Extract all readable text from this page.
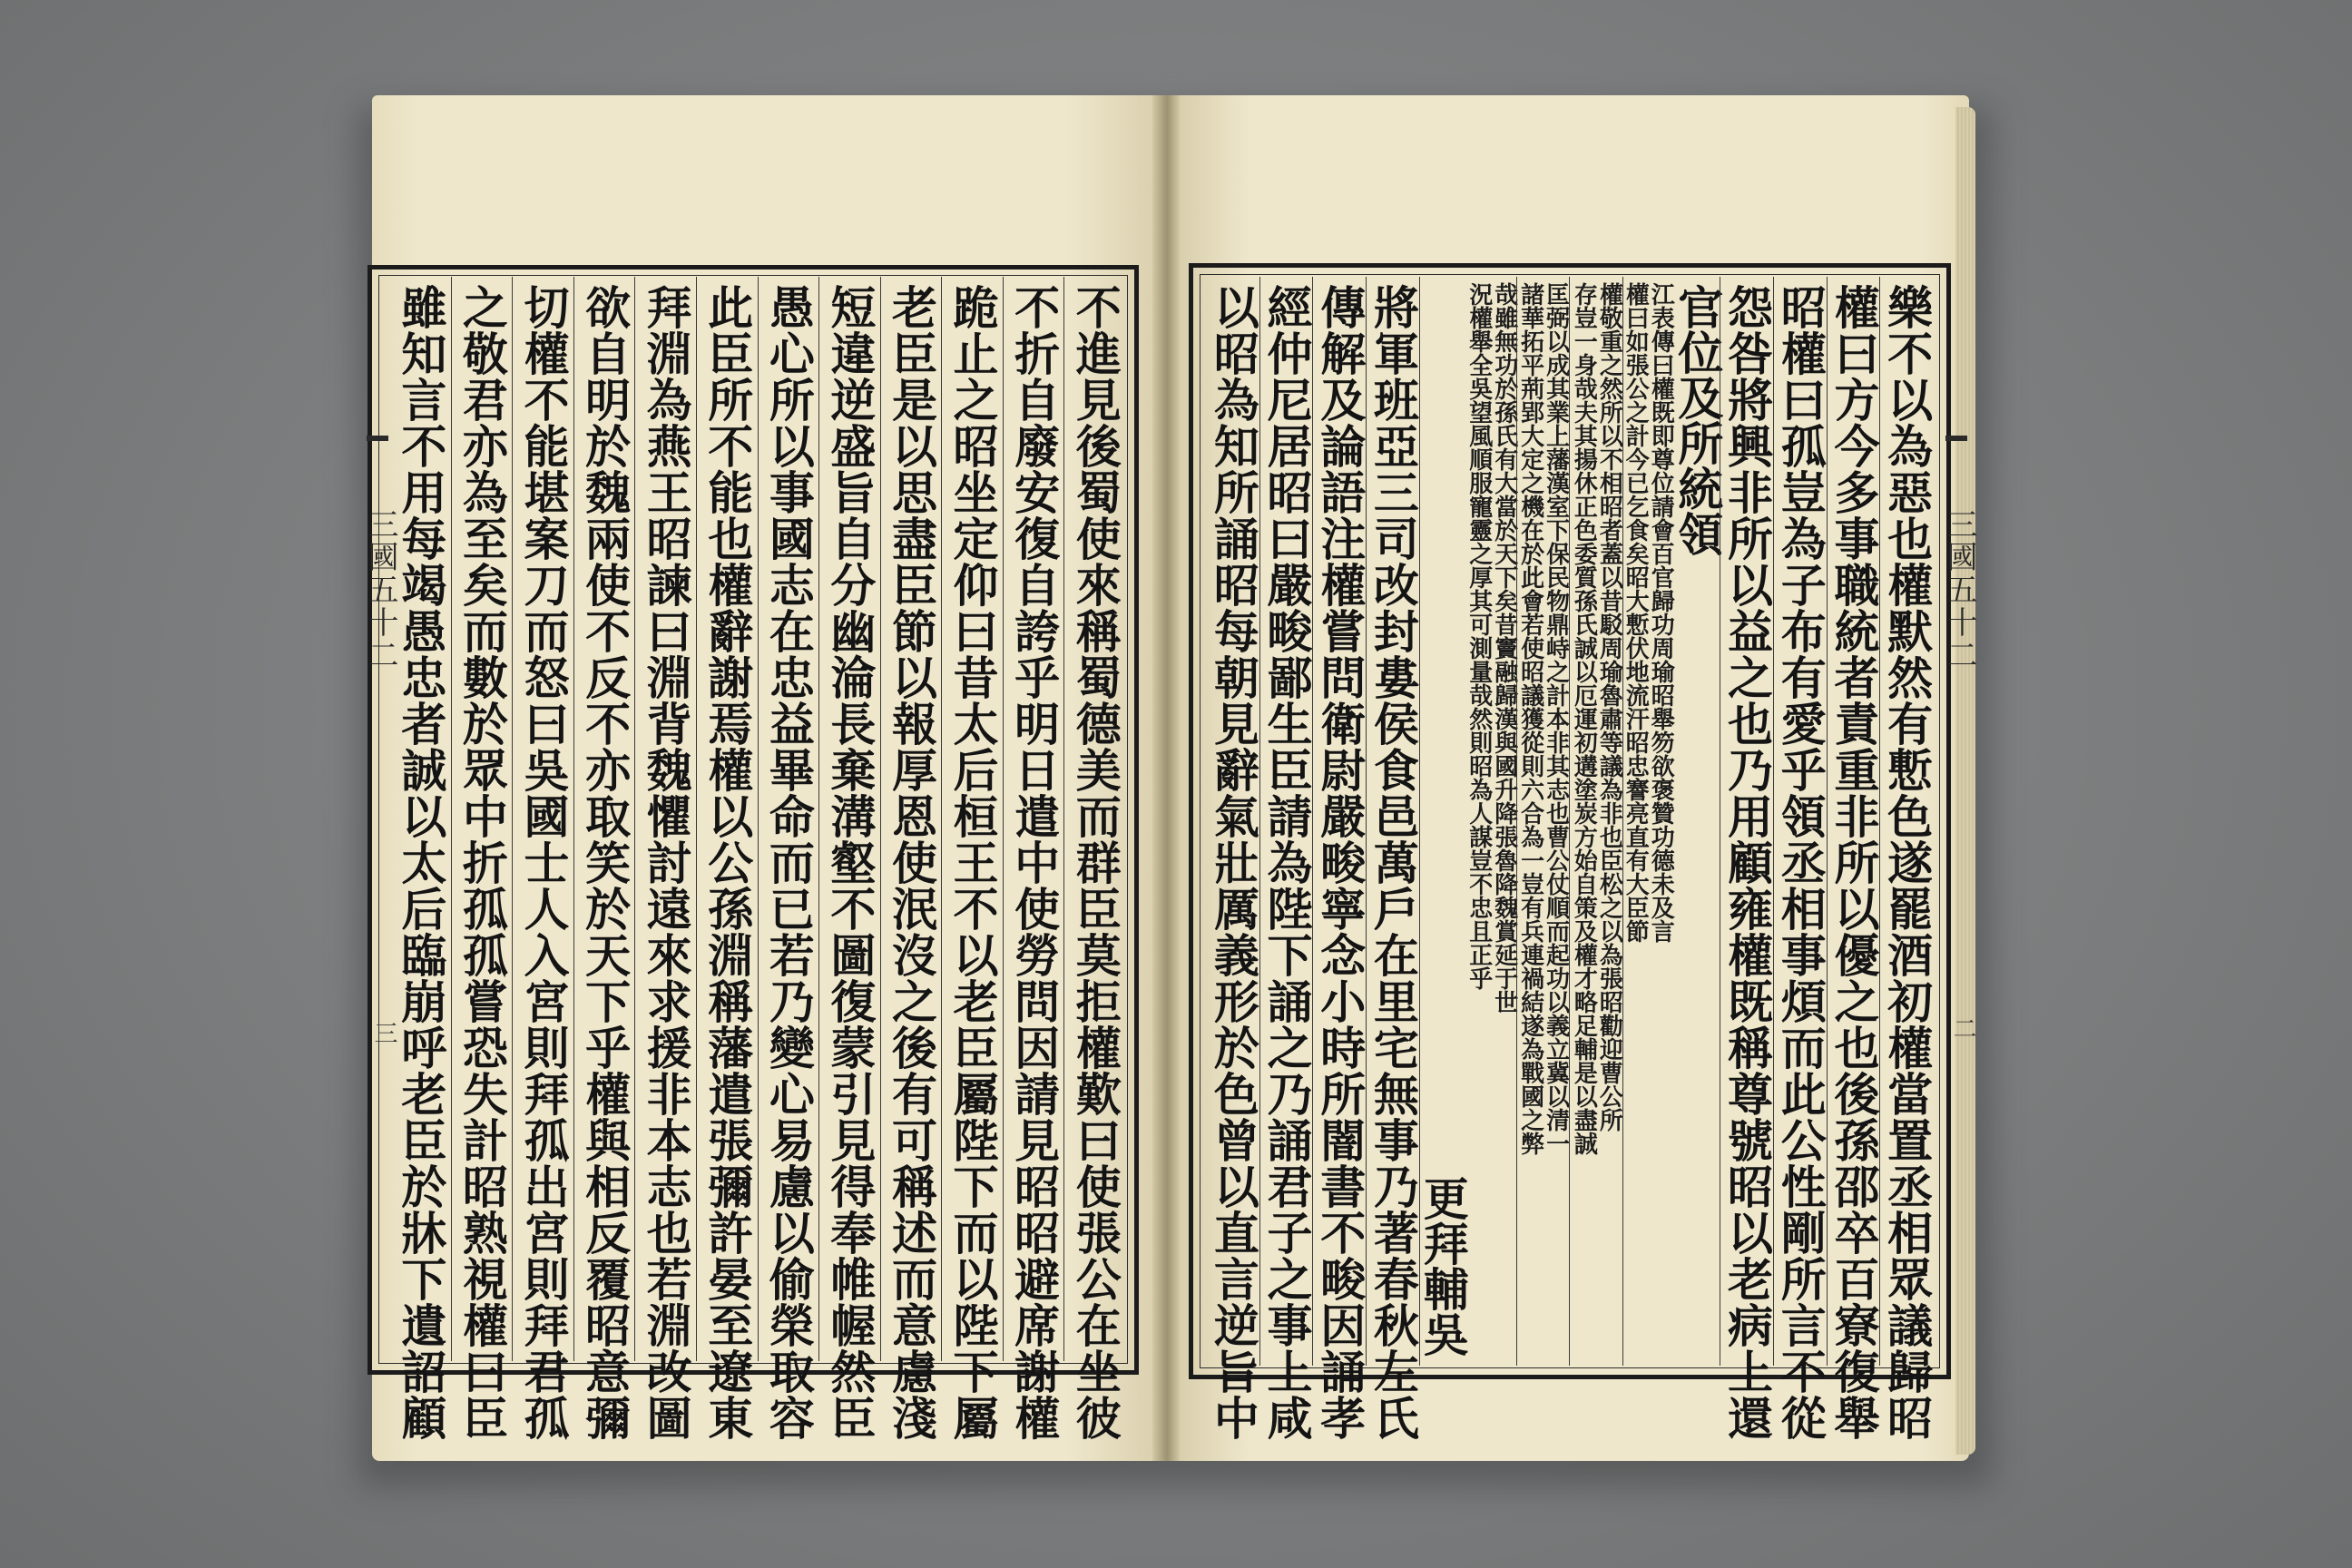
三國五十二
三
三國五十二
二
不進見後蜀使來稱蜀德美而群臣莫拒權歎曰使張公在坐彼
不折自廢安復自誇乎明日遣中使勞問因請見昭昭避席謝權
跪止之昭坐定仰曰昔太后桓王不以老臣屬陛下而以陛下屬
老臣是以思盡臣節以報厚恩使泯沒之後有可稱述而意慮淺
短違逆盛旨自分幽淪長棄溝壑不圖復蒙引見得奉帷幄然臣
愚心所以事國志在忠益畢命而已若乃變心易慮以偷榮取容
此臣所不能也權辭謝焉權以公孫淵稱藩遣張彌許晏至遼東
拜淵為燕王昭諫曰淵背魏懼討遠來求援非本志也若淵改圖
欲自明於魏兩使不反不亦取笑於天下乎權與相反覆昭意彌
切權不能堪案刀而怒曰吳國士人入宮則拜孤出宮則拜君孤
之敬君亦為至矣而數於眾中折孤孤嘗恐失計昭熟視權曰臣
雖知言不用每竭愚忠者誠以太后臨崩呼老臣於牀下遺詔顧	樂不以為惡也權默然有慙色遂罷酒初權當置丞相眾議歸昭
權曰方今多事職統者責重非所以優之也後孫邵卒百寮復舉
昭權曰孤豈為子布有愛乎領丞相事煩而此公性剛所言不從
怨咎將興非所以益之也乃用顧雍權既稱尊號昭以老病上還
官位及所統領
江表傳曰權既即尊位請會百官歸功周瑜昭舉笏欲褒贊功德未及言
權曰如張公之計今已乞食矣昭大慙伏地流汗昭忠謇亮直有大臣節
權敬重之然所以不相昭者蓋以昔駁周瑜魯肅等議為非也臣松之以為張昭勸迎曹公所
存豈一身哉夫其揚休正色委質孫氏誠以厄運初遘塗炭方始自策及權才略足輔是以盡誠
匡弼以成其業上藩漢室下保民物鼎峙之計本非其志也曹公仗順而起功以義立冀以清一
諸華拓平荊郢大定之機在於此會若使昭議獲從則六合為一豈有兵連禍結遂為戰國之弊
哉雖無功於孫氏有大當於天下矣昔竇融歸漢與國升降張魯降魏賞延于世
況權舉全吳望風順服寵靈之厚其可測量哉然則昭為人謀豈不忠且正乎
更拜輔吳
將軍班亞三司改封婁侯食邑萬戶在里宅無事乃著春秋左氏
傳解及論語注權嘗問衛尉嚴畯寧念小時所闇書不畯因誦孝
經仲尼居昭曰嚴畯鄙生臣請為陛下誦之乃誦君子之事上咸
以昭為知所誦昭每朝見辭氣壯厲義形於色曾以直言逆旨中
